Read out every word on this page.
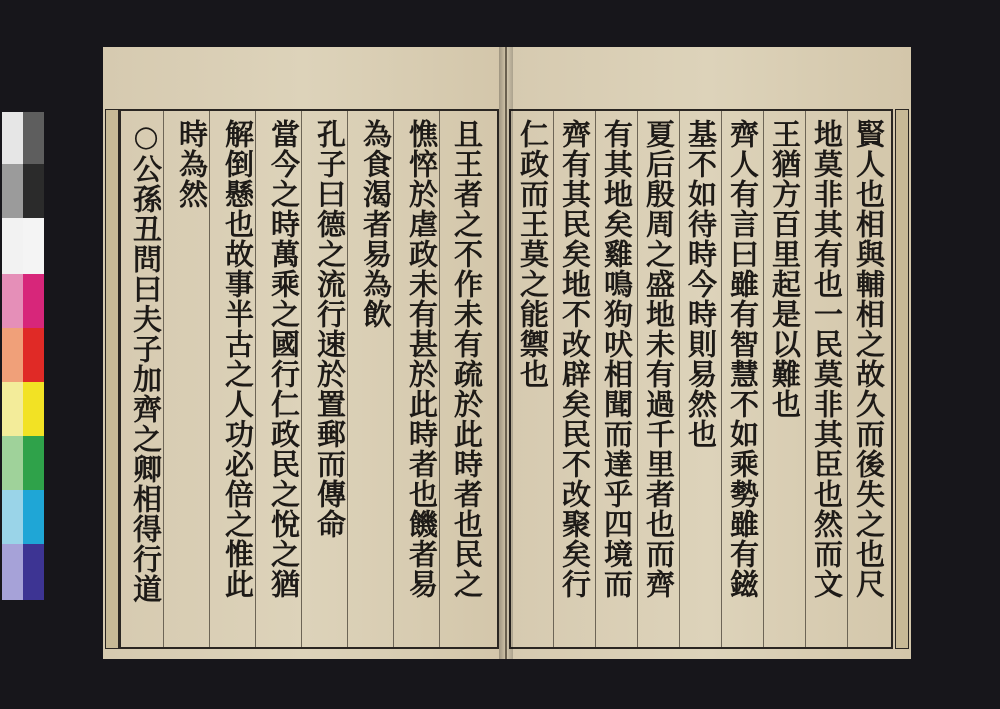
且王者之不作未有疏於此時者也民之
憔悴於虐政未有甚於此時者也饑者易
為食渴者易為飲
孔子曰德之流行速於置郵而傳命
當今之時萬乘之國行仁政民之悅之猶
解倒懸也故事半古之人功必倍之惟此
時為然
○公孫丑問曰夫子加齊之卿相得行道	賢人也相與輔相之故久而後失之也尺
地莫非其有也一民莫非其臣也然而文
王猶方百里起是以難也
齊人有言曰雖有智慧不如乘勢雖有鎡
基不如待時今時則易然也
夏后殷周之盛地未有過千里者也而齊
有其地矣雞鳴狗吠相聞而達乎四境而
齊有其民矣地不改辟矣民不改聚矣行
仁政而王莫之能禦也
